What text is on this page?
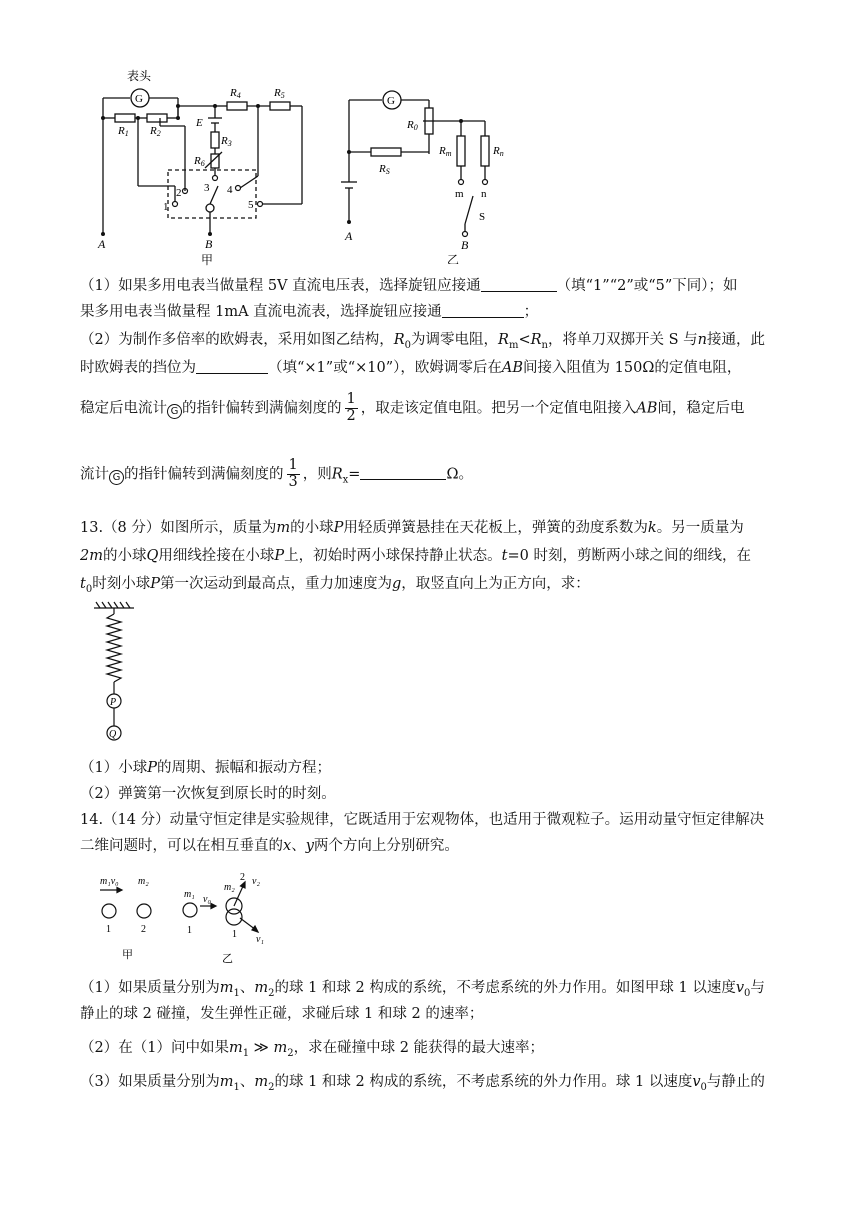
表头
G
R1 R2
R4	R5
E
R3
R6
1
2 3 4
5
A	B
甲
G
R0
RS
Rm	Rn
m n
S
A
B
乙
（1）如果多用电表当做量程 5V 直流电压表，选择旋钮应接通	（填“1”“2”或“5”下同）；如
果多用电表当做量程 1mA 直流电流表，选择旋钮应接通	；
（2）为制作多倍率的欧姆表，采用如图乙结构，$R_0$为调零电阻，$R_m<R_n$，将单刀双掷开关 S 与n接通，此
时欧姆表的挡位为	（填“×1”或“×10”），欧姆调零后在AB间接入阻值为 150Ω的定值电阻，
稳定后电流计 G 的指针偏转到满偏刻度的 $\frac{1}{2}$ ，取走该定值电阻。把另一个定值电阻接入AB间，稳定后电
流计 G 的指针偏转到满偏刻度的 $\frac{1}{3}$ ，则$R_x=$	Ω。
13.（8 分）如图所示，质量为m的小球P用轻质弹簧悬挂在天花板上，弹簧的劲度系数为k。另一质量为
2m的小球Q用细线拴接在小球P上，初始时两小球保持静止状态。t=0 时刻，剪断两小球之间的细线，在
$t_0$时刻小球P第一次运动到最高点，重力加速度为g，取竖直向上为正方向，求：
P
Q
（1）小球P的周期、振幅和振动方程；
（2）弹簧第一次恢复到原长时的时刻。
14.（14 分）动量守恒定律是实验规律，它既适用于宏观物体，也适用于微观粒子。运用动量守恒定律解决
二维问题时，可以在相互垂直的x、y两个方向上分别研究。
m₁v₀ m₂
1	2
m₁ v₀
m₂
2 v₂
1	1 v₁
甲	乙
（1）如果质量分别为$m_1$、$m_2$的球 1 和球 2 构成的系统，不考虑系统的外力作用。如图甲球 1 以速度$v_0$与
静止的球 2 碰撞，发生弹性正碰，求碰后球 1 和球 2 的速率；
（2）在（1）问中如果$m_1$ ≫ $m_2$，求在碰撞中球 2 能获得的最大速率；
（3）如果质量分别为$m_1$、$m_2$的球 1 和球 2 构成的系统，不考虑系统的外力作用。球 1 以速度$v_0$与静止的
